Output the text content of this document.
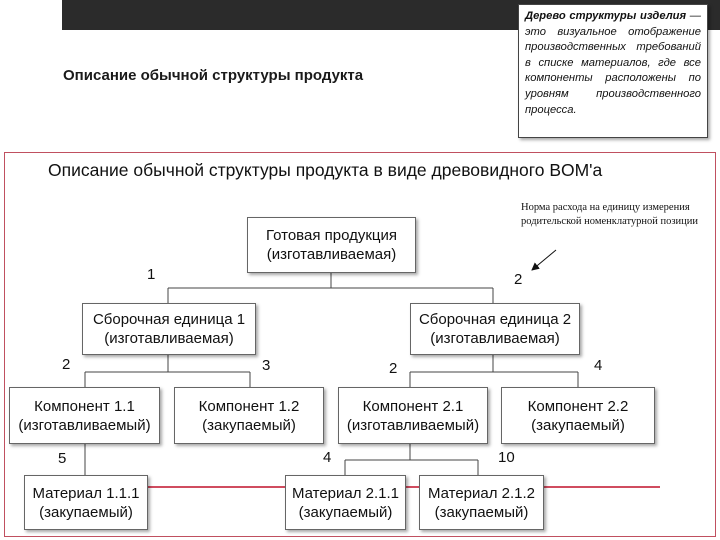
Описание обычной структуры продукта
Дерево структуры изделия — это визуальное отображение производственных требований в списке материалов, где все компоненты расположены по уровням производственного процесса.
Описание обычной структуры продукта в виде древовидного BOM'а
Норма расхода на единицу измерения родительской номенклатурной позиции
Готовая продукция
(изготавливаемая)
Сборочная единица 1
(изготавливаемая)
Сборочная единица 2
(изготавливаемая)
Компонент 1.1
(изготавливаемый)
Компонент 1.2
(закупаемый)
Компонент 2.1
(изготавливаемый)
Компонент 2.2
(закупаемый)
Материал 1.1.1
(закупаемый)
Материал 2.1.1
(закупаемый)
Материал 2.1.2
(закупаемый)
1	2
2	3	2	4
5	4	10
